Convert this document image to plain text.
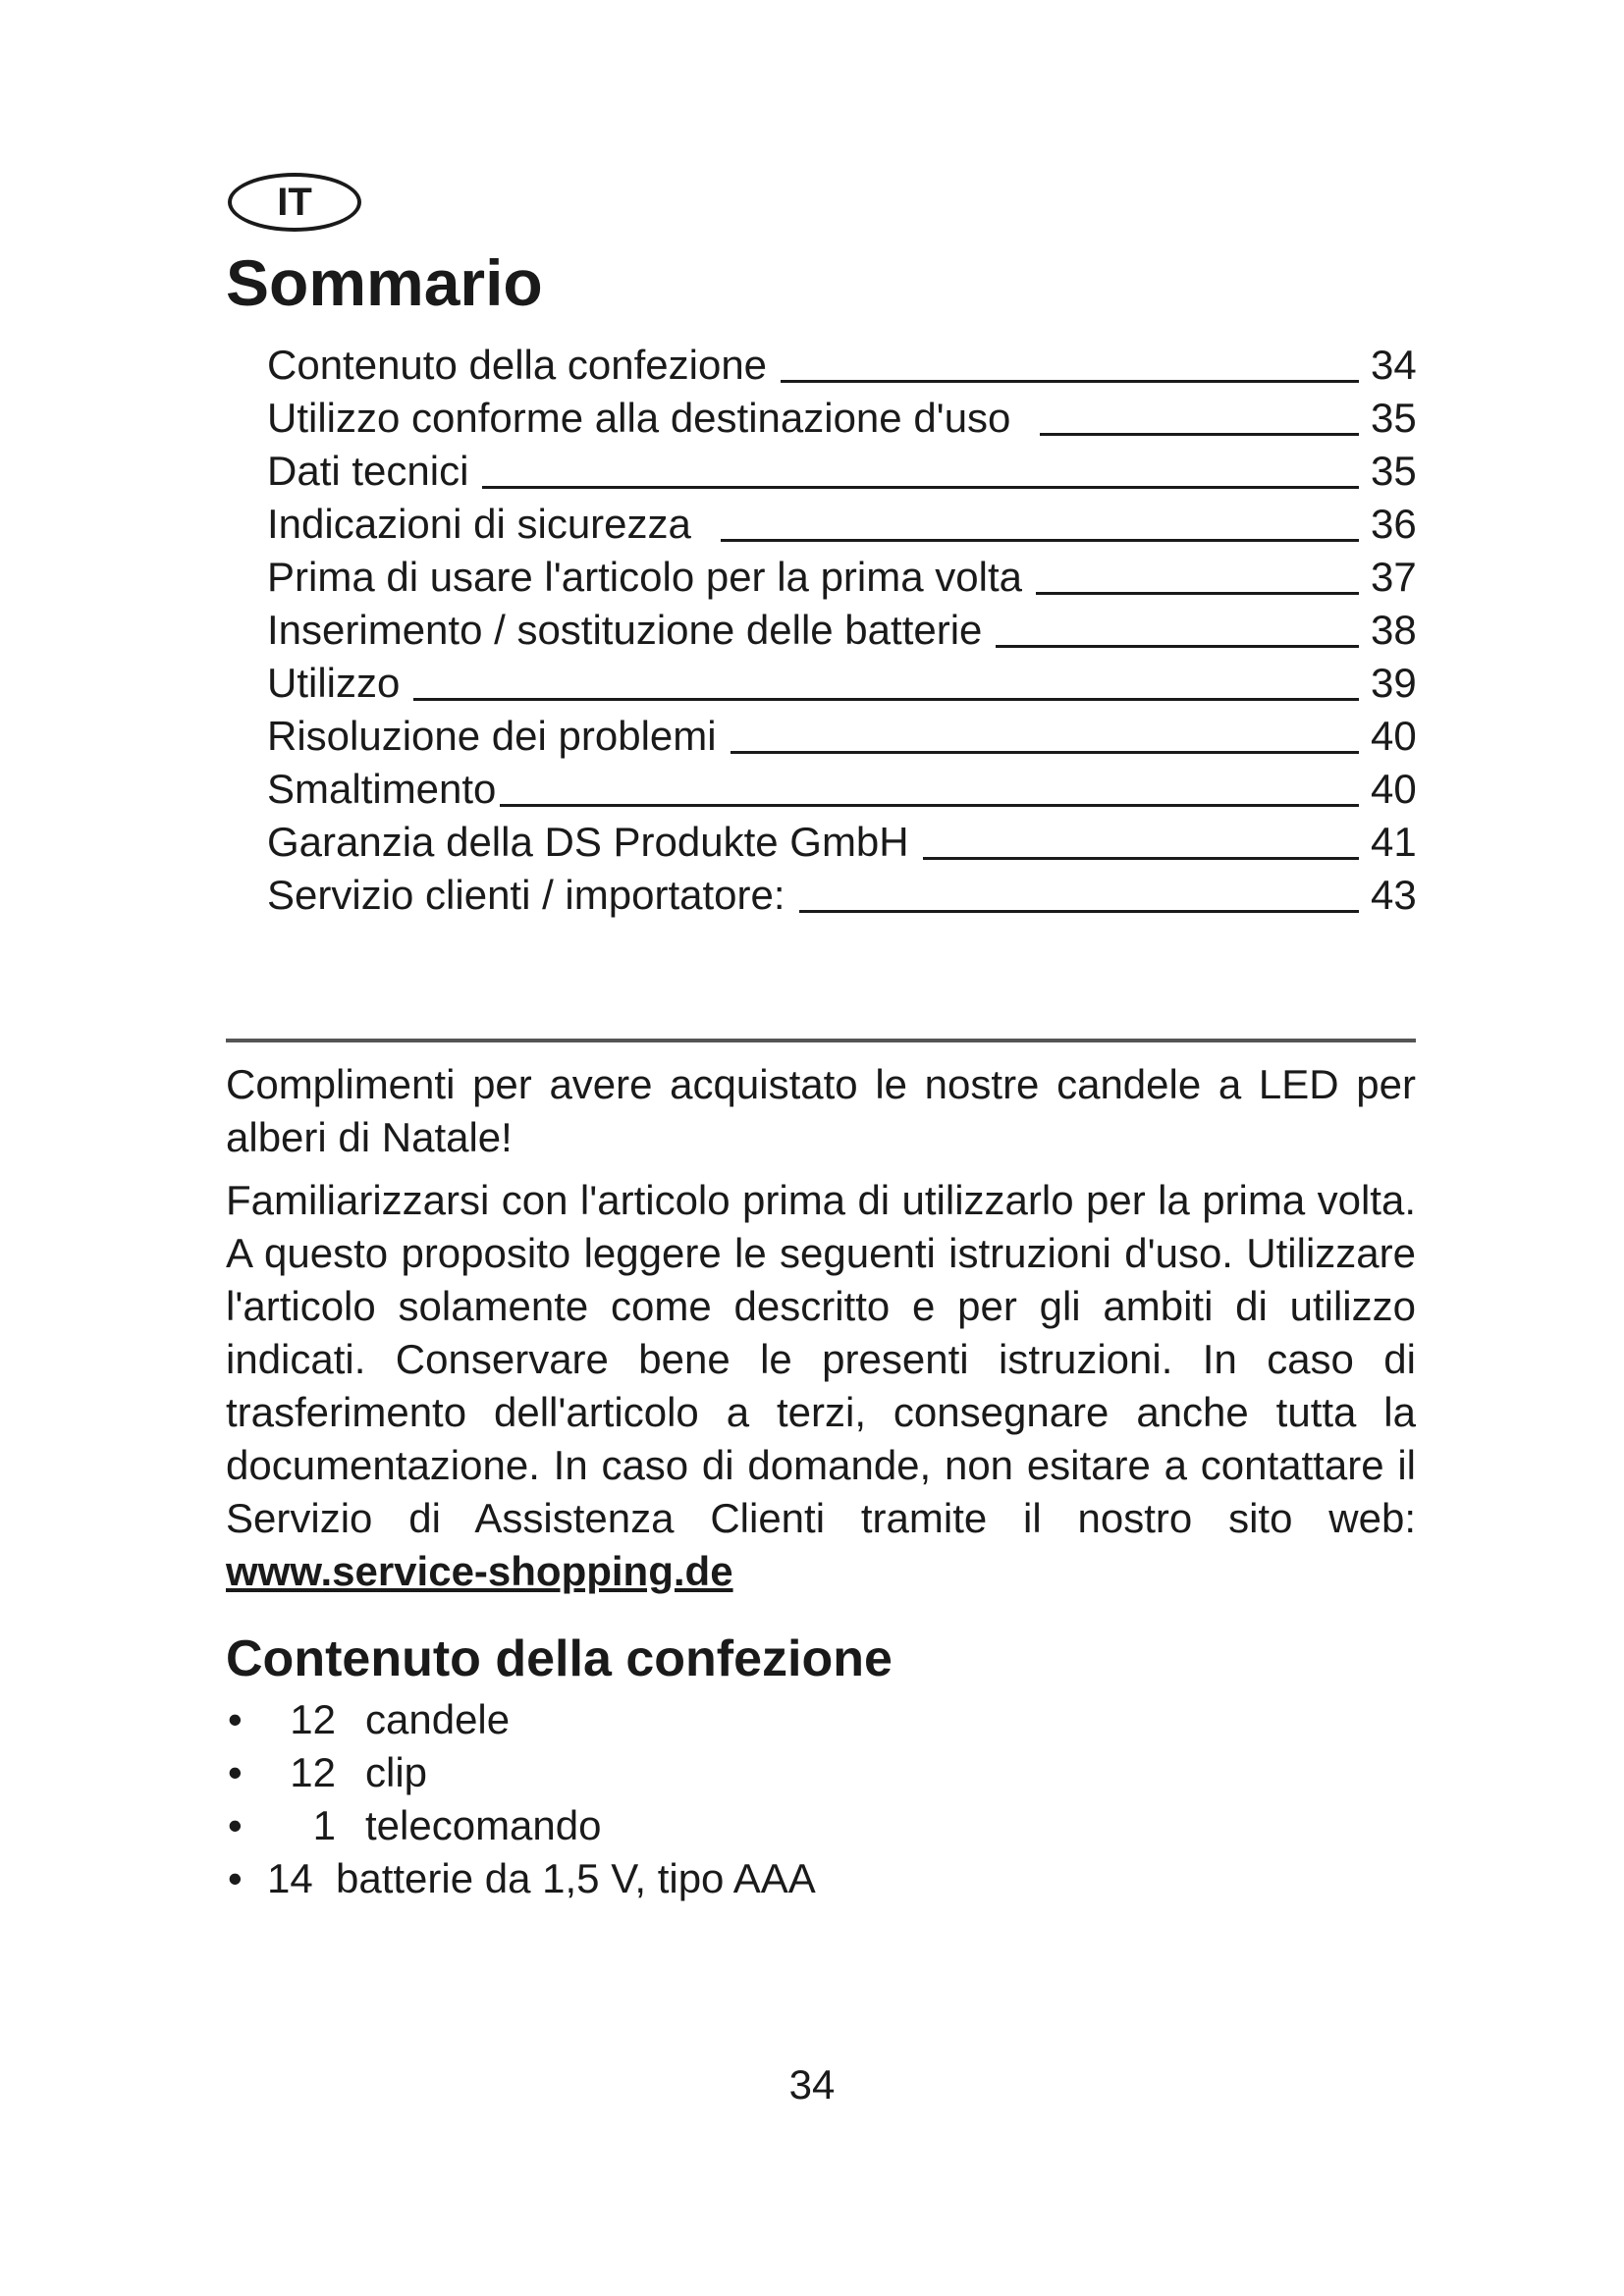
IT
Sommario
Contenuto della confezione	34
Utilizzo conforme alla destinazione d'uso	35
Dati tecnici	35
Indicazioni di sicurezza	36
Prima di usare l'articolo per la prima volta	37
Inserimento / sostituzione delle batterie	38
Utilizzo	39
Risoluzione dei problemi	40
Smaltimento	40
Garanzia della DS Produkte GmbH	41
Servizio clienti / importatore:	43

Complimenti per avere acquistato le nostre candele a LED per alberi di Natale!

Familiarizzarsi con l'articolo prima di utilizzarlo per la prima volta. A questo proposito leggere le seguenti istruzioni d'uso. Utilizzare l'articolo solamente come descritto e per gli ambiti di utilizzo indicati. Conservare bene le presenti istruzioni. In caso di trasferimento dell'articolo a terzi, consegnare anche tutta la documentazione. In caso di domande, non esitare a contattare il Servizio di Assistenza Clienti tramite il nostro sito web: www.service-shopping.de

Contenuto della confezione
•	12 candele
•	12 clip
•	1 telecomando
• 14 batterie da 1,5 V, tipo AAA
34
